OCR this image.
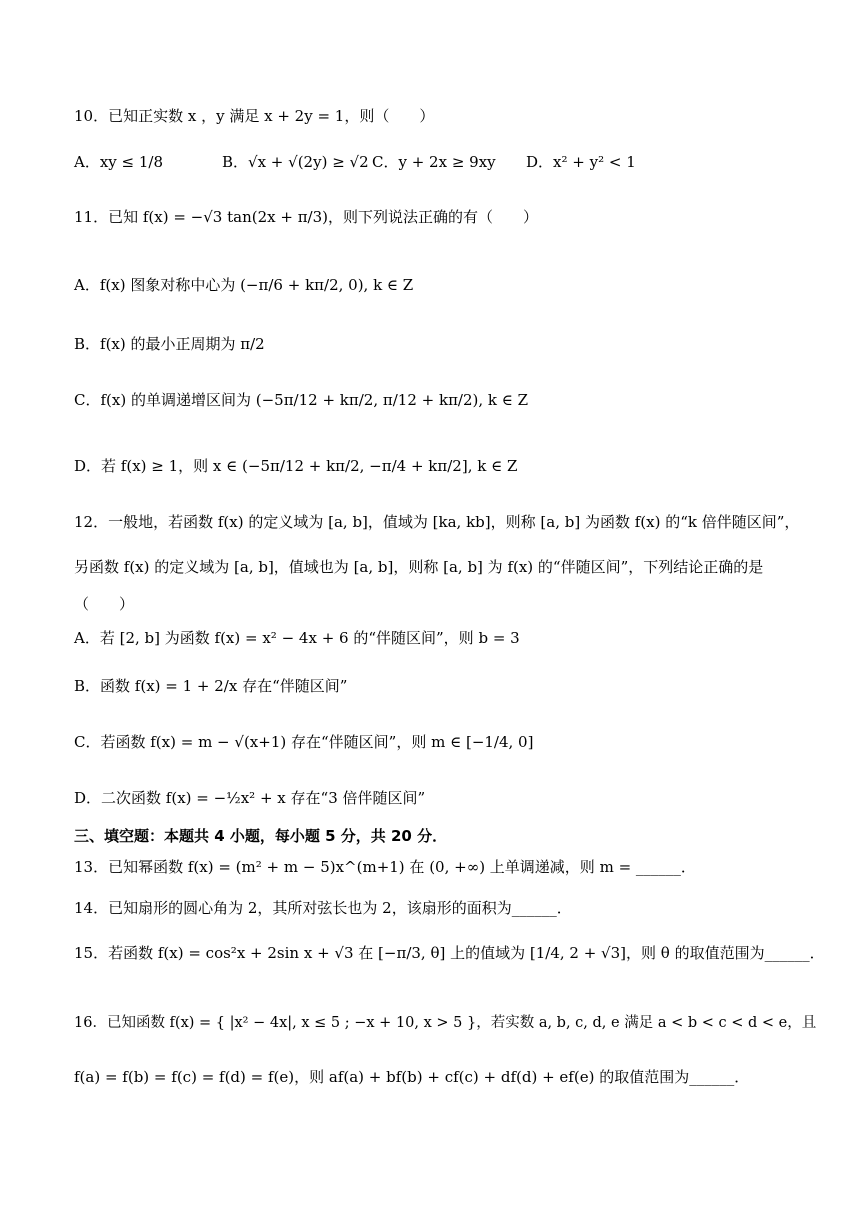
10．已知正实数 x ，y 满足 x + 2y = 1，则（　　）
A．xy ≤ 1/8	B．√x + √(2y) ≥ √2 C．y + 2x ≥ 9xy D．x² + y² < 1
11．已知 f(x) = −√3 tan(2x + π/3)，则下列说法正确的有（　　）
A．f(x) 图象对称中心为 (−π/6 + kπ/2, 0), k ∈ Z
B．f(x) 的最小正周期为 π/2
C．f(x) 的单调递增区间为 (−5π/12 + kπ/2, π/12 + kπ/2), k ∈ Z
D．若 f(x) ≥ 1，则 x ∈ (−5π/12 + kπ/2, −π/4 + kπ/2], k ∈ Z
12．一般地，若函数 f(x) 的定义域为 [a, b]，值域为 [ka, kb]，则称 [a, b] 为函数 f(x) 的“k 倍伴随区间”，
另函数 f(x) 的定义域为 [a, b]，值域也为 [a, b]，则称 [a, b] 为 f(x) 的“伴随区间”，下列结论正确的是
（　　）
A．若 [2, b] 为函数 f(x) = x² − 4x + 6 的“伴随区间”，则 b = 3
B．函数 f(x) = 1 + 2/x 存在“伴随区间”
C．若函数 f(x) = m − √(x+1) 存在“伴随区间”，则 m ∈ [−1/4, 0]
D．二次函数 f(x) = −½x² + x 存在“3 倍伴随区间”
三、填空题：本题共 4 小题，每小题 5 分，共 20 分．
13．已知幂函数 f(x) = (m² + m − 5)x^(m+1) 在 (0, +∞) 上单调递减，则 m = ______．
14．已知扇形的圆心角为 2，其所对弦长也为 2，该扇形的面积为______．
15．若函数 f(x) = cos²x + 2sin x + √3 在 [−π/3, θ] 上的值域为 [1/4, 2 + √3]，则 θ 的取值范围为______．
16．已知函数 f(x) = { |x² − 4x|, x ≤ 5 ; −x + 10, x > 5 }，若实数 a, b, c, d, e 满足 a < b < c < d < e，且
f(a) = f(b) = f(c) = f(d) = f(e)，则 af(a) + bf(b) + cf(c) + df(d) + ef(e) 的取值范围为______．
